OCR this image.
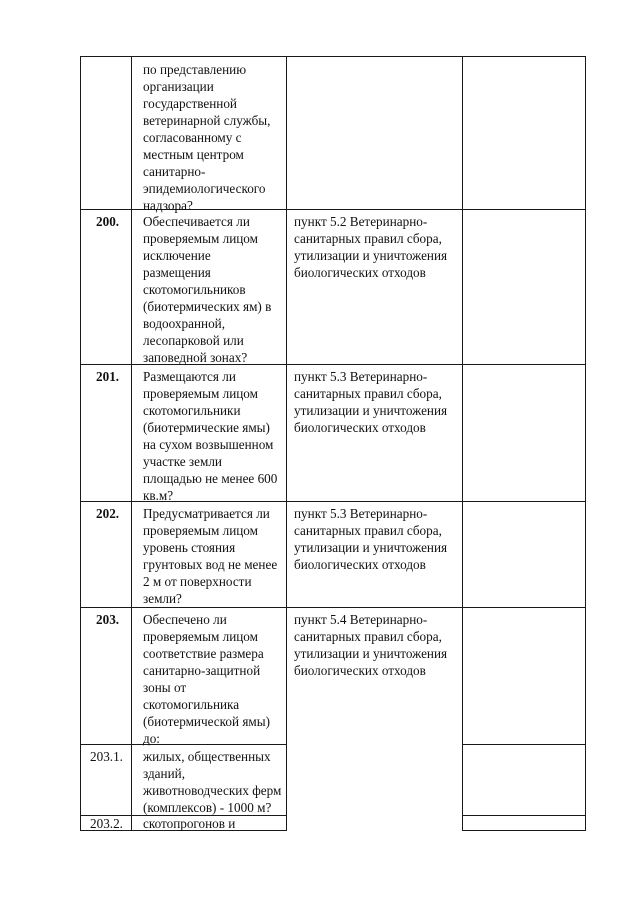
по представлению
организации
государственной
ветеринарной службы,
согласованному с
местным центром
санитарно-
эпидемиологического
надзора?
200. Обеспечивается ли
проверяемым лицом
исключение
размещения
скотомогильников
(биотермических ям) в
водоохранной,
лесопарковой или
заповедной зонах?
пункт 5.2 Ветеринарно-
санитарных правил сбора,
утилизации и уничтожения
биологических отходов
201. Размещаются ли
проверяемым лицом
скотомогильники
(биотермические ямы)
на сухом возвышенном
участке земли
площадью не менее 600
кв.м?
пункт 5.3 Ветеринарно-
санитарных правил сбора,
утилизации и уничтожения
биологических отходов
202. Предусматривается ли
проверяемым лицом
уровень стояния
грунтовых вод не менее
2 м от поверхности
земли?
пункт 5.3 Ветеринарно-
санитарных правил сбора,
утилизации и уничтожения
биологических отходов
203. Обеспечено ли
проверяемым лицом
соответствие размера
санитарно-защитной
зоны от
скотомогильника
(биотермической ямы)
до:
пункт 5.4 Ветеринарно-
санитарных правил сбора,
утилизации и уничтожения
биологических отходов
203.1. жилых, общественных
зданий,
животноводческих ферм
(комплексов) - 1000 м?
203.2. скотопрогонов и
